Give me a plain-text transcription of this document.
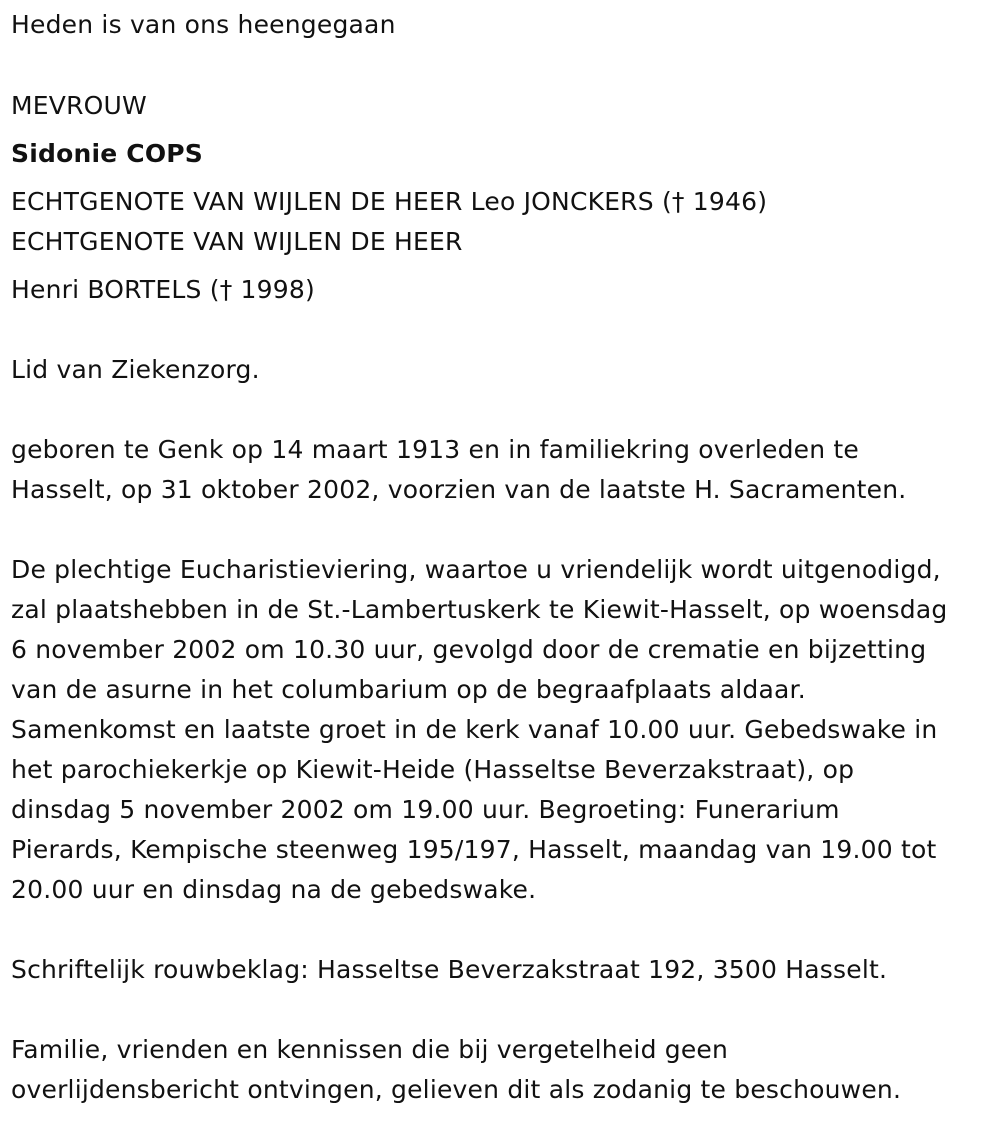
Heden is van ons heengegaan
MEVROUW
Sidonie COPS
ECHTGENOTE VAN WIJLEN DE HEER Leo JONCKERS († 1946)
ECHTGENOTE VAN WIJLEN DE HEER
Henri BORTELS († 1998)
Lid van Ziekenzorg.

geboren te Genk op 14 maart 1913 en in familiekring overleden te

Hasselt, op 31 oktober 2002, voorzien van de laatste H. Sacramenten.

De plechtige Eucharistieviering, waartoe u vriendelijk wordt uitgenodigd,

zal plaatshebben in de St.-Lambertuskerk te Kiewit-Hasselt, op woensdag

6 november 2002 om 10.30 uur, gevolgd door de crematie en bijzetting

van de asurne in het columbarium op de begraafplaats aldaar.

Samenkomst en laatste groet in de kerk vanaf 10.00 uur. Gebedswake in

het parochiekerkje op Kiewit-Heide (Hasseltse Beverzakstraat), op

dinsdag 5 november 2002 om 19.00 uur. Begroeting: Funerarium

Pierards, Kempische steenweg 195/197, Hasselt, maandag van 19.00 tot

20.00 uur en dinsdag na de gebedswake.

Schriftelijk rouwbeklag: Hasseltse Beverzakstraat 192, 3500 Hasselt.

Familie, vrienden en kennissen die bij vergetelheid geen

overlijdensbericht ontvingen, gelieven dit als zodanig te beschouwen.
